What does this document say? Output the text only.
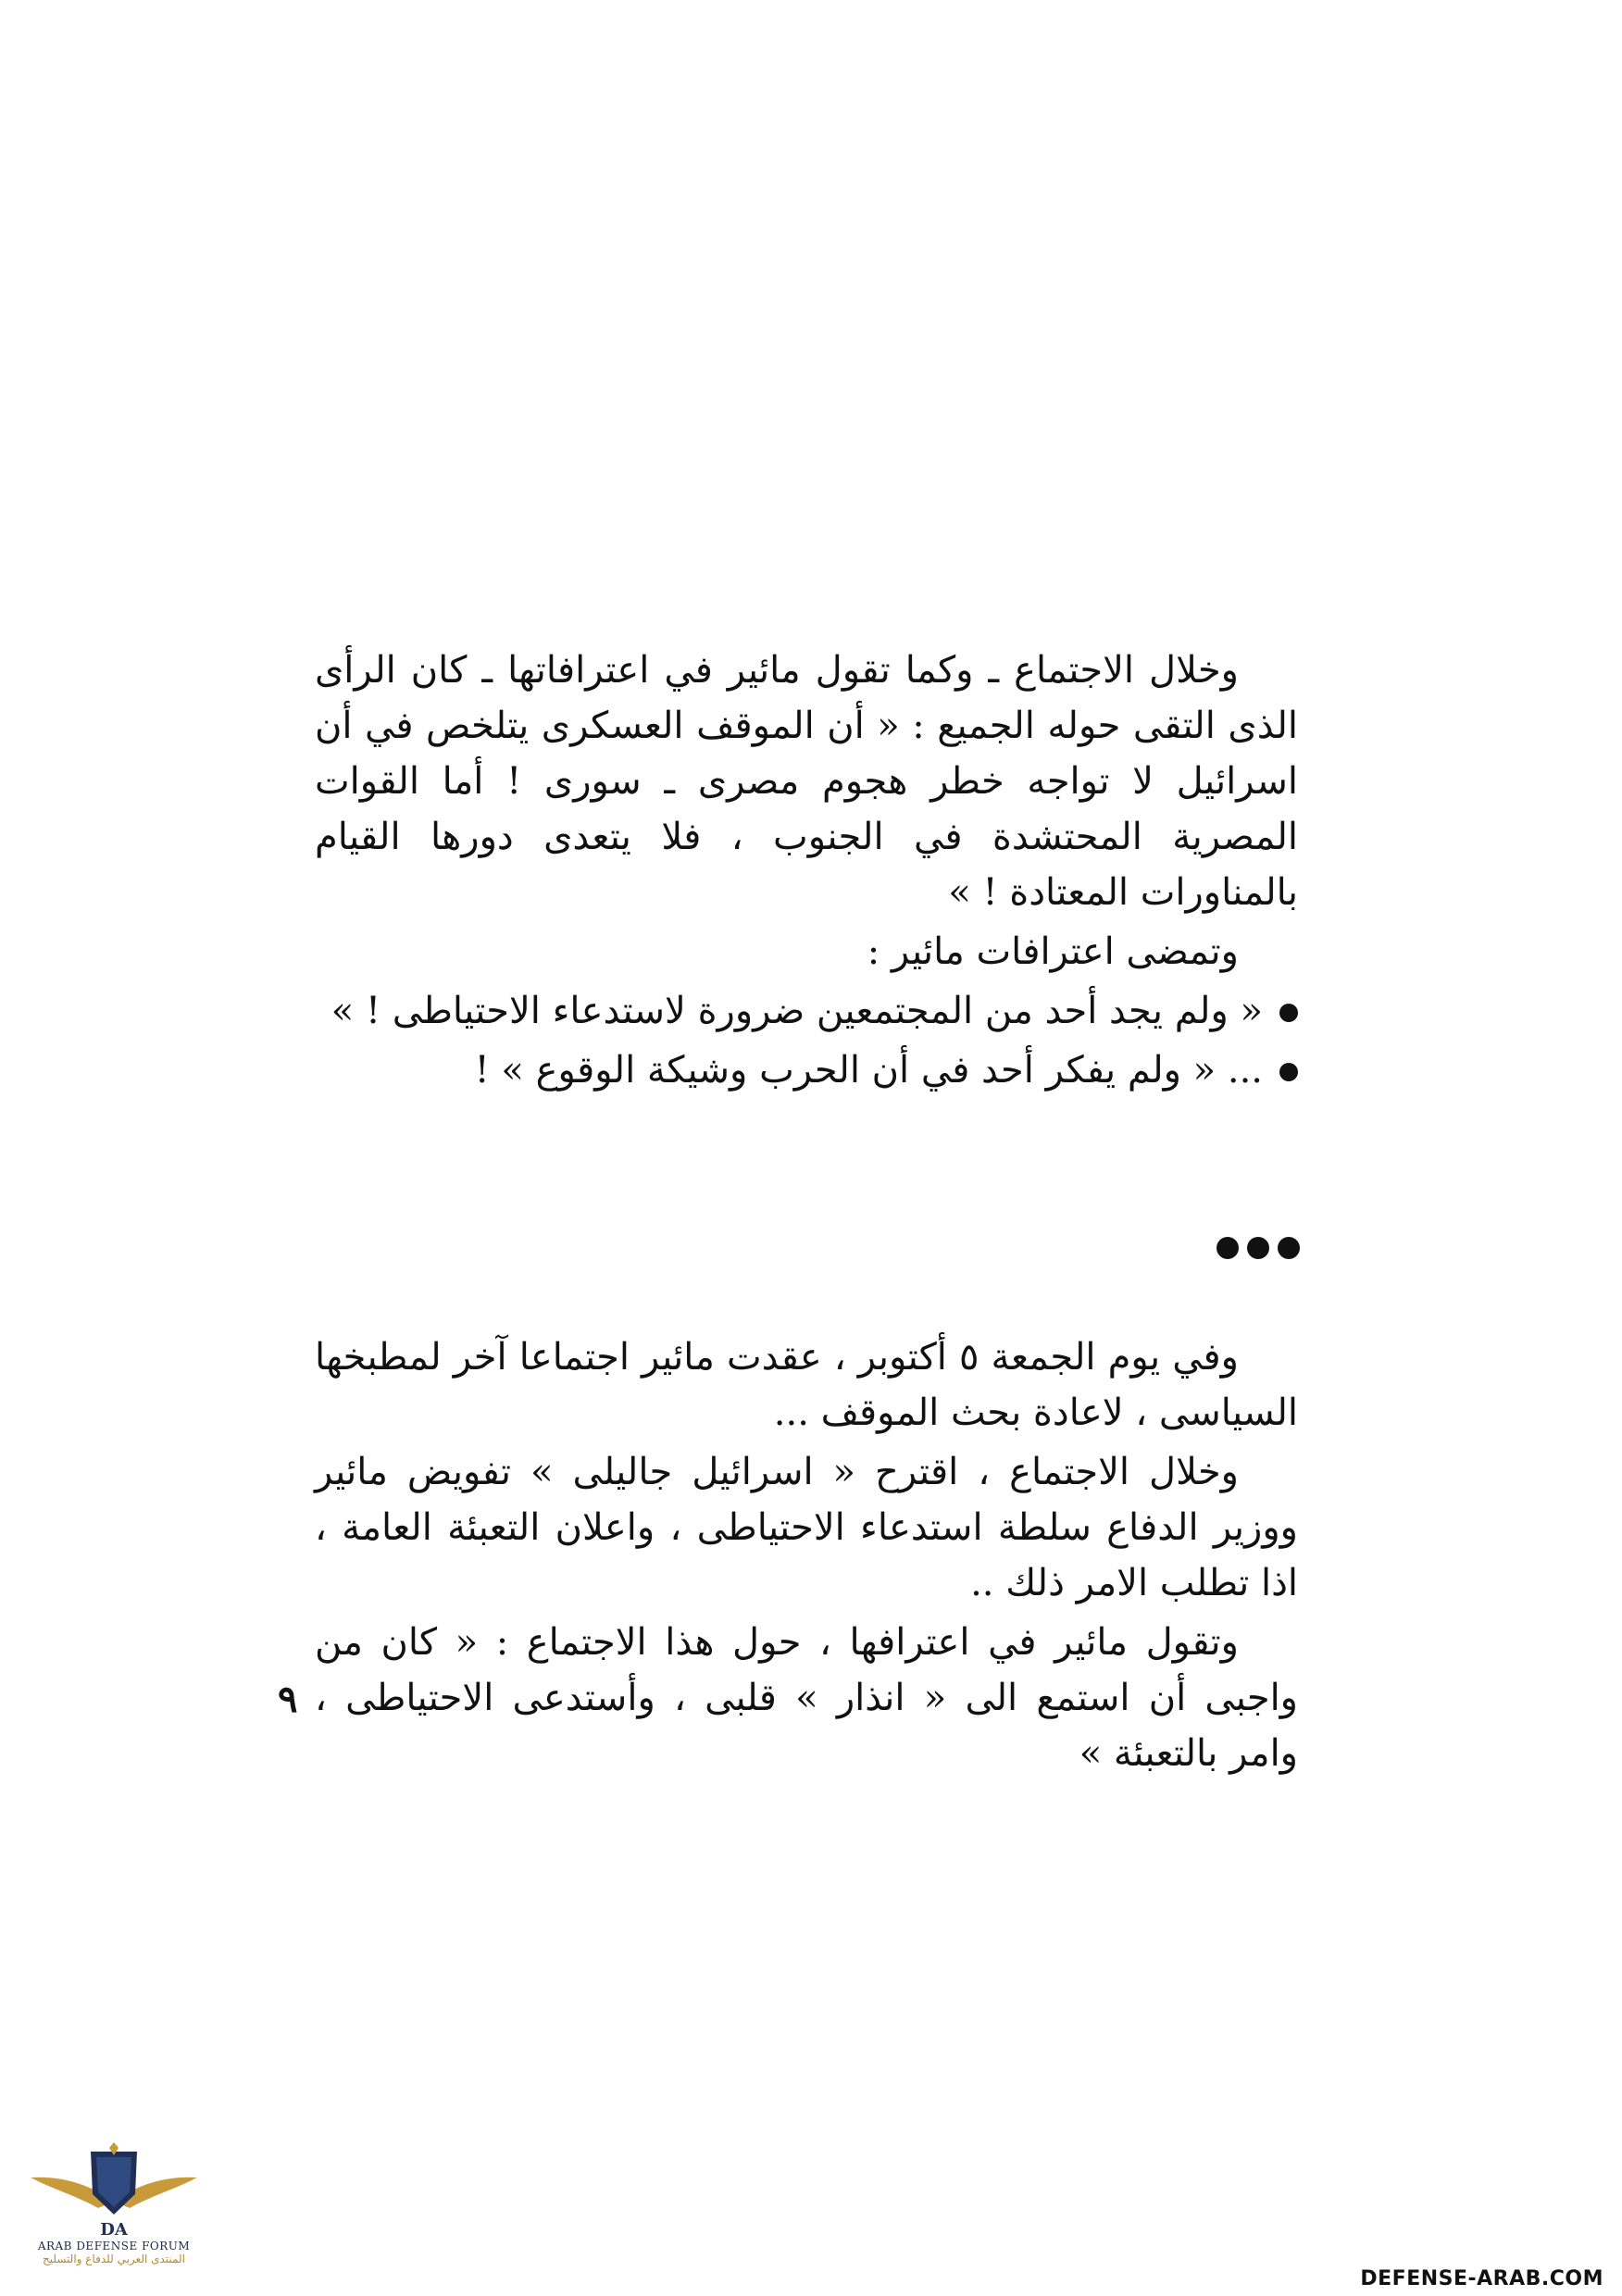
وخلال الاجتماع ـ وكما تقول مائير في اعترافاتها ـ كان الرأى الذى التقى حوله الجميع : « أن الموقف العسكرى يتلخص في أن اسرائيل لا تواجه خطر هجوم مصرى ـ سورى ! أما القوات المصرية المحتشدة في الجنوب ، فلا يتعدى دورها القيام بالمناورات المعتادة ! »

وتمضى اعترافات مائير :

« ولم يجد أحد من المجتمعين ضرورة لاستدعاء الاحتياطى ! »

... « ولم يفكر أحد في أن الحرب وشيكة الوقوع » !

وفي يوم الجمعة ٥ أكتوبر ، عقدت مائير اجتماعا آخر لمطبخها السياسى ، لاعادة بحث الموقف ...

وخلال الاجتماع ، اقترح « اسرائيل جاليلى » تفويض مائير ووزير الدفاع سلطة استدعاء الاحتياطى ، واعلان التعبئة العامة ، اذا تطلب الامر ذلك ..

وتقول مائير في اعترافها ، حول هذا الاجتماع : « كان من واجبى أن استمع الى « انذار » قلبى ، وأستدعى الاحتياطى ، وامر بالتعبئة »

٩
DA
ARAB DEFENSE FORUM
المنتدى العربي للدفاع والتسليح
DEFENSE-ARAB.COM
